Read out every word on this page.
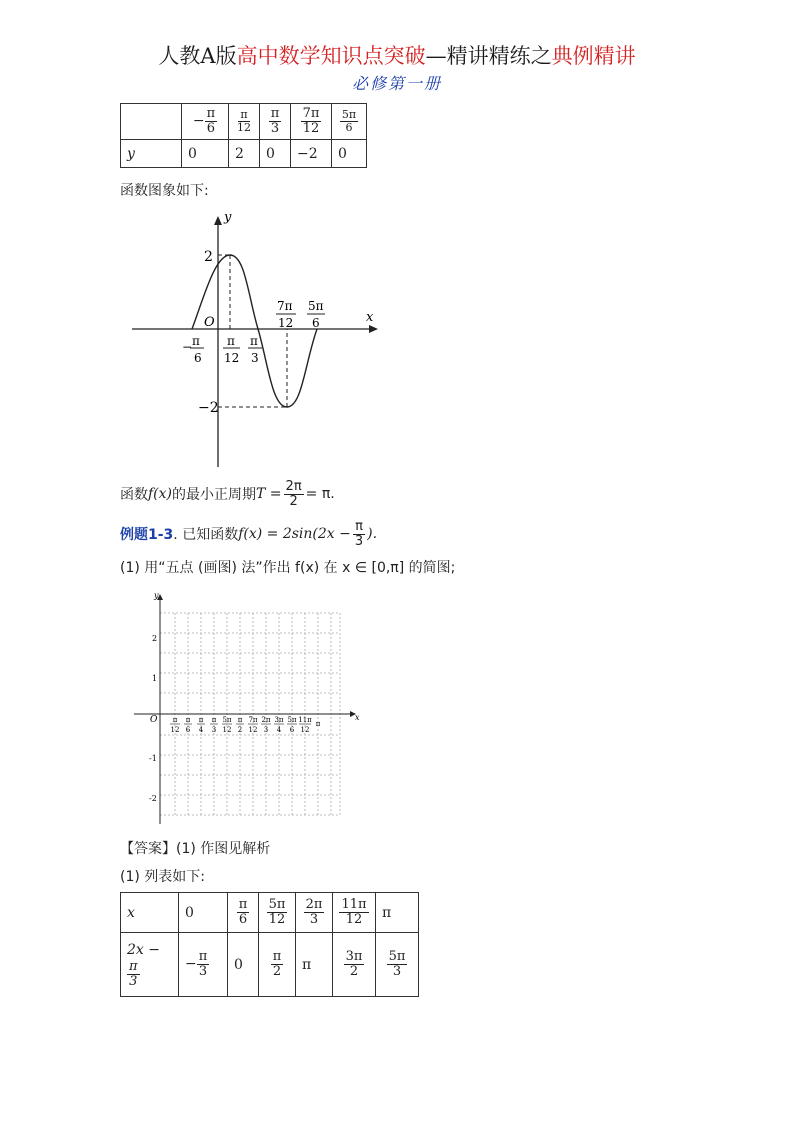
人教A版高中数学知识点突破—精讲精练之典例精讲
必修第一册
	− $\frac{\pi}{6}$	$\frac{\pi}{12}$	$\frac{\pi}{3}$	$\frac{7\pi}{12}$	$\frac{5\pi}{6}$

y	0	2	0	−2	0
函数图象如下:
x
y
O
2
−2
− π
6
π
12
π
3
7π
12
5π
6
函数 f(x) 的最小正周期 $T = \frac{2\pi}{2} = \pi$.
例题1-3 . 已知函数 $f(x) = 2\sin(2x - \frac{\pi}{3}$ ).
(1) 用“五点 (画图) 法”作出 f(x) 在 x ∈ [0,π] 的简图;
x
y
O
2
1
-1
-2
π
12
π
6
π
4
π
3
5π
12
π
2
7π
12
2π
3
3π
4
5π
6
11π
12
π
【答案】(1) 作图见解析
(1) 列表如下:
x	0	$\frac{\pi}{6}$	$\frac{5\pi}{12}$	$\frac{2\pi}{3}$	$\frac{11\pi}{12}$	π

2x −
$\frac{\pi}{3}$	− $\frac{\pi}{3}$	0	$\frac{\pi}{2}$	π	$\frac{3\pi}{2}$	$\frac{5\pi}{3}$
